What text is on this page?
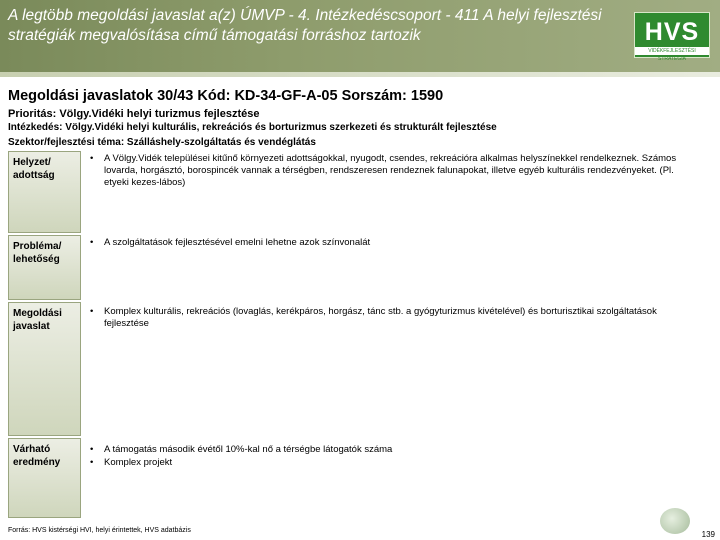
A legtöbb megoldási javaslat a(z) ÚMVP - 4. Intézkedéscsoport - 411 A helyi fejlesztési stratégiák megvalósítása című támogatási forráshoz tartozik	HVS
VIDÉKFEJLESZTÉSI STRATÉGIA
Megoldási javaslatok 30/43 Kód: KD-34-GF-A-05 Sorszám: 1590
Prioritás: Völgy.Vidéki helyi turizmus fejlesztése
Intézkedés: Völgy.Vidéki helyi kulturális, rekreációs és borturizmus szerkezeti és strukturált fejlesztése
Szektor/fejlesztési téma: Szálláshely-szolgáltatás és vendéglátás
Helyzet/ adottság
• A Völgy.Vidék települései kitűnő környezeti adottságokkal, nyugodt, csendes, rekreációra alkalmas helyszínekkel rendelkeznek. Számos lovarda, horgásztó, borospincék vannak a térségben, rendszeresen rendeznek falunapokat, illetve egyéb kulturális rendezvényeket. (Pl. etyeki kezes-lábos)
Probléma/ lehetőség
• A szolgáltatások fejlesztésével emelni lehetne azok színvonalát
Megoldási javaslat
• Komplex kulturális, rekreációs (lovaglás, kerékpáros, horgász, tánc stb. a gyógyturizmus kivételével) és borturisztikai szolgáltatások fejlesztése
Várható eredmény
• A támogatás második évétől 10%-kal nő a térségbe látogatók száma
• Komplex projekt
Forrás: HVS kistérségi HVI, helyi érintettek, HVS adatbázis	139
